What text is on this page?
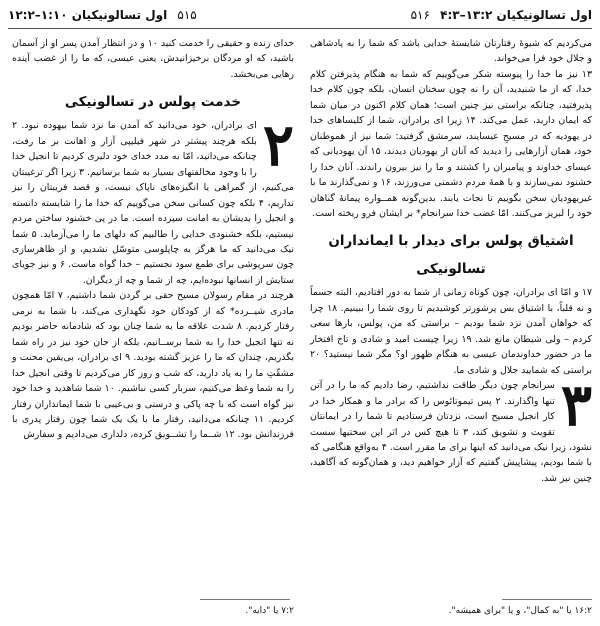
اول تسالونیکیان ۱۳:۲–۴:۳ ۵۱۶
۵۱۵ اول تسالونیکیان ۱:۱۰–۱۲:۲

می‌کردیم که شیوهٔ رفتارتان شایستهٔ خدایی باشد که شما را به پادشاهی و جلال خود فرا می‌خواند.

۱۳ نیز ما خدا را پیوسته شکر می‌گوییم که شما به هنگام پذیرفتن کلام خدا، که از ما شنیدید، آن را نه چون سخنان انسان، بلکه چون کلام خدا پذیرفتید، چنانکه براستی نیز چنین است؛ همان کلام اکنون در میان شما که ایمان دارید، عمل می‌کند. ۱۴ زیرا ای برادران، شما از کلیساهای خدا در یهودیه که در مسیحِ عیسایند، سرمشق گرفتید: شما نیز از هموطنان خود، همان آزارهایی را دیدید که آنان از یهودیان دیدند، ۱۵ آن یهودیانی که عیسای خداوند و پیامبران را کشتند و ما را نیز بیرون راندند. آنان خدا را خشنود نمی‌سازند و با همهٔ مردم دشمنی می‌ورزند، ۱۶ و نمی‌گذارند ما با غیریهودیان سخن بگوییم تا نجات یابند. بدین‌گونه همــواره پیمانهٔ گناهان خود را لبریز می‌کنند. امّا غضب خدا سرانجام* بر ایشان فرو ریخته است.

اشتیاق پولس برای دیدار با ایمانداران تسالونیکی

۱۷ و امّا ای برادران، چون کوتاه زمانی از شما به دور افتادیم، البته جسماً و نه قلباً، با اشتیاق بس پرشورتر کوشیدیم تا روی شما را ببینیم. ۱۸ چرا که خواهان آمدن نزد شما بودیم – براستی که من، پولس، بارها سعی کردم – ولی شیطان مانع شد. ۱۹ زیرا چیست امید و شادی و تاج افتخار ما در حضور خداوندمان عیسی به هنگام ظهور او؟ مگر شما نیستید؟ ۲۰ براستی که شمایید جلال و شادی ما.

۳

سرانجام چون دیگر طاقت نداشتیم، رضا دادیم که ما را در آتن تنها واگذارند. ۲ پس تیموتائوس را که برادر ما و همکار خدا در کار انجیل مسیح است، نزدتان فرستادیم تا شما را در ایمانتان تقویت و تشویق کند، ۳ تا هیچ کس در اثر این سختیها سست نشود، زیرا نیک می‌دانید که اینها برای ما مقرر است. ۴ به‌واقع هنگامی که با شما بودیم، پیشاپیش گفتیم که آزار خواهیم دید، و همان‌گونه که آگاهید، چنین نیز شد.

خدای زنده و حقیقی را خدمت کنید ۱۰ و در انتظار آمدن پسر او از آسمان باشید، که او مردگان برخیزانیدش، یعنی عیسی، که ما را از غضب آینده رهایی می‌بخشد.

خدمت پولس در تسالونیکی
۲

ای برادران، خود می‌دانید که آمدن ما نزد شما بیهوده نبود. ۲ بلکه هرچند پیشتر در شهر فیلیپی آزار و اهانت بر ما رفت، چنانکه می‌دانید، امّا به مدد خدای خود دلیری کردیم تا انجیل خدا را با وجود مخالفتهای بسیار به شما برسانیم. ۳ زیرا اگر ترغیبتان می‌کنیم، از گمراهی یا انگیزه‌های ناپاک نیست، و قصد فریبتان را نیز نداریم، ۴ بلکه چون کسانی سخن می‌گوییم که خدا ما را شایسته دانسته و انجیل را بدیشان به امانت سپرده است. ما در پی خشنود ساختن مردم نیستیم، بلکه خشنودی خدایی را طالبیم که دلهای ما را می‌آزماید. ۵ شما نیک می‌دانید که ما هرگز به چاپلوسی متوسّل نشدیم، و از ظاهرسازی چون سرپوشی برای طمع سود نجستیم – خدا گواه ماست. ۶ و نیز جویای ستایش از انسانها نبوده‌ایم، چه از شما و چه از دیگران.

هرچند در مقام رسولان مسیح حقی بر گردن شما داشتیم، ۷ امّا همچون مادری شیــرده* که از کودکان خود نگهداری می‌کند، با شما به نرمی رفتار کردیم. ۸ شدت علاقه ما به شما چنان بود که شادمانه حاضر بودیم نه تنها انجیل خدا را به شما برســانیم، بلکه از جان خود نیز در راه شما بگذریم، چندان که ما را عزیز گشته بودید. ۹ ای برادران، بی‌یقین محنت و مشقّتِ ما را به یاد دارید، که شب و روز کار می‌کردیم تا وقتی انجیل خدا را به شما وعظ می‌کنیم، سربار کسی نباشیم. ۱۰ شما شاهدید و خدا خود نیز گواه است که با چه پاکی و درستی و بی‌عیبی با شما ایمانداران رفتار کردیم. ۱۱ چنانکه می‌دانید، رفتار ما با یک یک شما چون رفتار پدری با فرزندانش بود. ۱۲ شــما را تشــویق کرده، دلداری می‌دادیم و سفارش

۱۶:۲ یا "به کمال"، و یا "برای همیشه".
۷:۲ یا "دایه".
